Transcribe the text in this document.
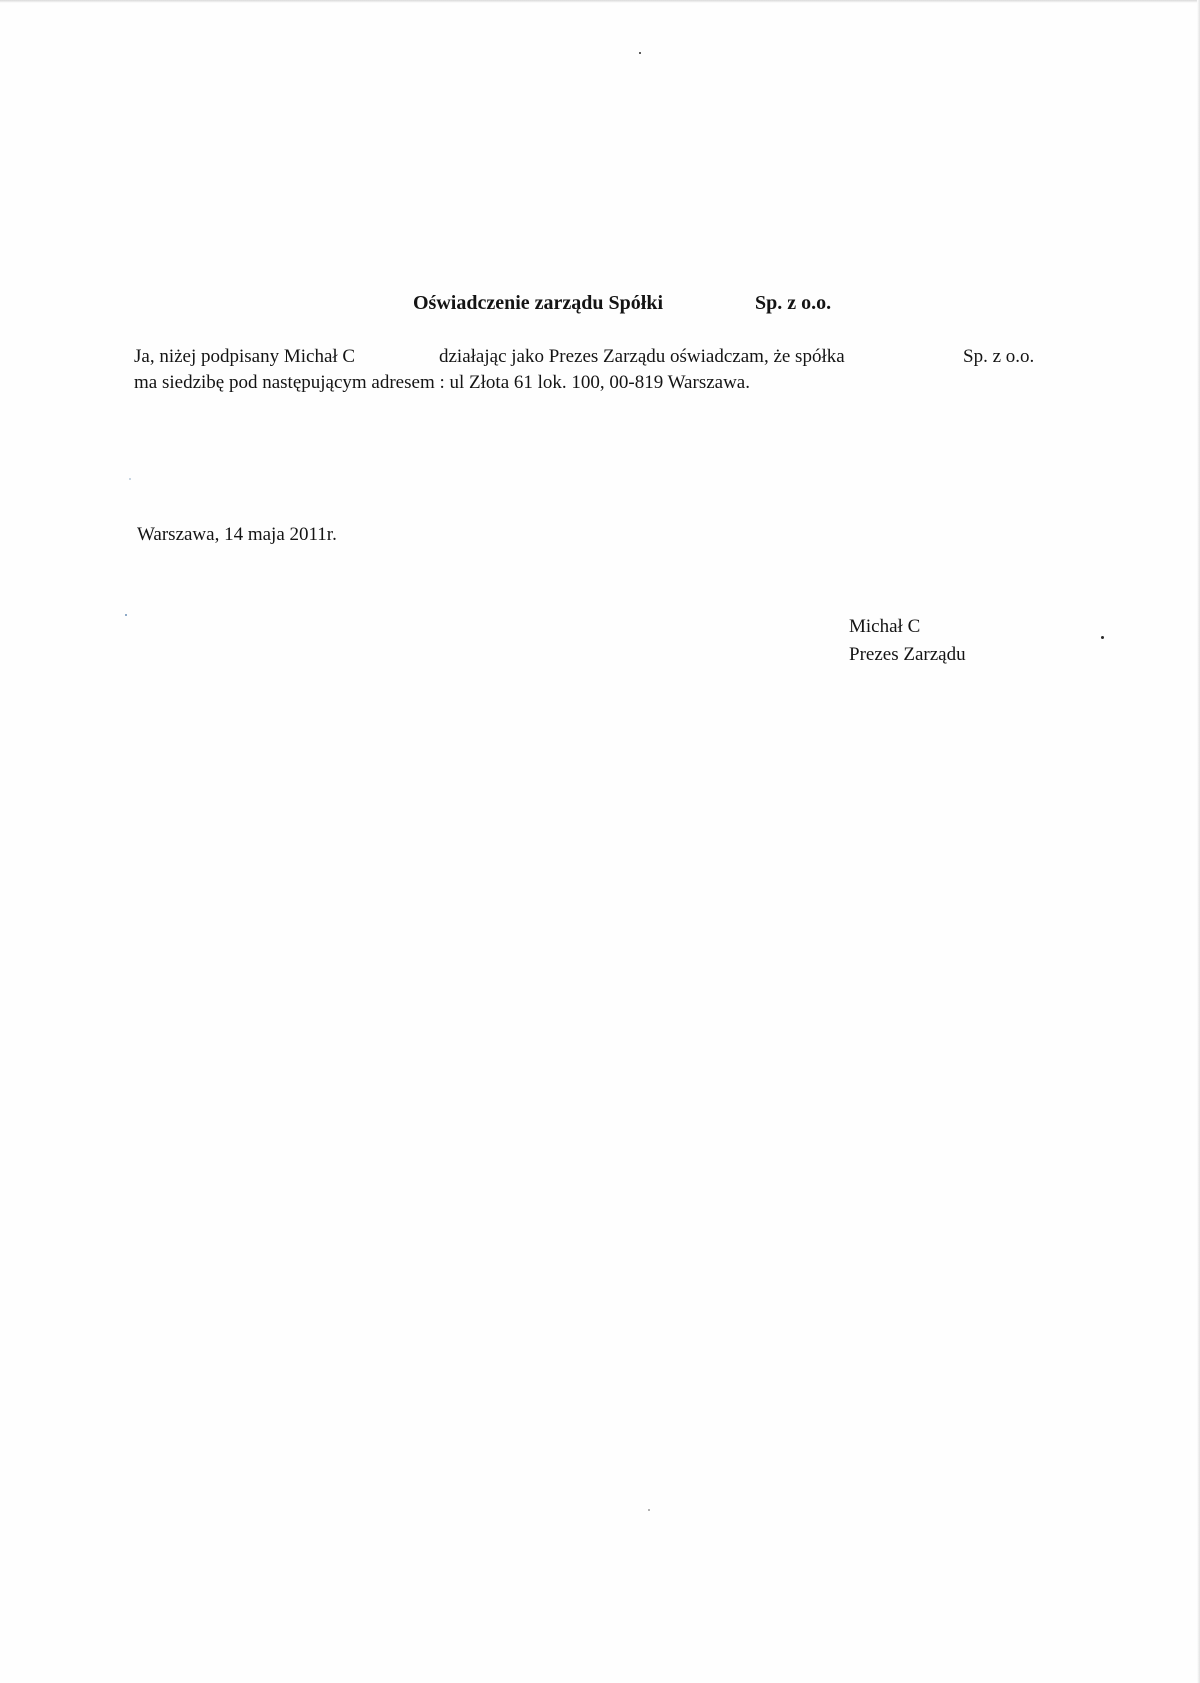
Oświadczenie zarządu Spółki	Sp. z o.o.
Ja, niżej podpisany Michał C	działając jako Prezes Zarządu oświadczam, że spółka	Sp. z o.o.
ma siedzibę pod następującym adresem : ul Złota 61 lok. 100, 00-819 Warszawa.
Warszawa, 14 maja 2011r.
Michał C
Prezes Zarządu
